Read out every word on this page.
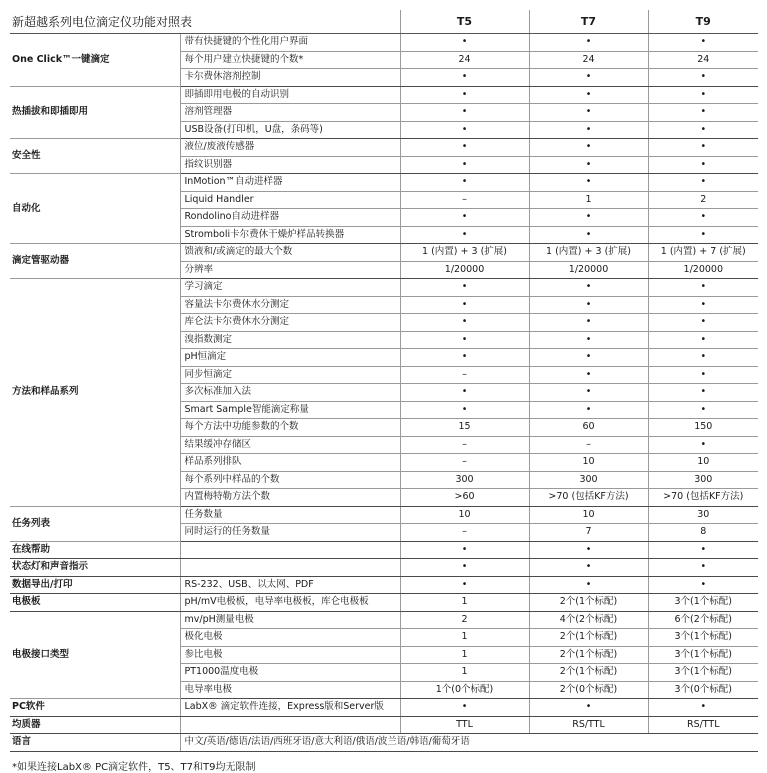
新超越系列电位滴定仪功能对照表		T5	T7	T9
One Click™一键滴定	带有快捷键的个性化用户界面	•	•	•
	每个用户建立快捷键的个数*	24	24	24
	卡尔费休溶剂控制	•	•	•
热插拔和即插即用	即插即用电极的自动识别	•	•	•
	溶剂管理器	•	•	•
	USB设备(打印机，U盘，条码等)	•	•	•
安全性	液位/废液传感器	•	•	•
	指纹识别器	•	•	•
自动化	InMotion™自动进样器	•	•	•
	Liquid Handler	–	1	2
	Rondolino自动进样器	•	•	•
	Stromboli卡尔费休干燥炉样品转换器	•	•	•
滴定管驱动器	馈液和/或滴定的最大个数	1 (内置) + 3 (扩展)	1 (内置) + 3 (扩展)	1 (内置) + 7 (扩展)
	分辨率	1/20000	1/20000	1/20000
方法和样品系列	学习滴定	•	•	•
	容量法卡尔费休水分测定	•	•	•
	库仑法卡尔费休水分测定	•	•	•
	溴指数测定	•	•	•
	pH恒滴定	•	•	•
	同步恒滴定	–	•	•
	多次标准加入法	•	•	•
	Smart Sample智能滴定称量	•	•	•
	每个方法中功能参数的个数	15	60	150
	结果缓冲存储区	–	–	•
	样品系列排队	–	10	10
	每个系列中样品的个数	300	300	300
	内置梅特勒方法个数	>60	>70 (包括KF方法)	>70 (包括KF方法)
任务列表	任务数量	10	10	30
	同时运行的任务数量	–	7	8
在线帮助		•	•	•
状态灯和声音指示		•	•	•
数据导出/打印	RS-232、USB、以太网、PDF	•	•	•
电极板	pH/mV电极板，电导率电极板，库仑电极板	1	2个(1个标配)	3个(1个标配)
电极接口类型	mv/pH测量电极	2	4个(2个标配)	6个(2个标配)
	极化电极	1	2个(1个标配)	3个(1个标配)
	参比电极	1	2个(1个标配)	3个(1个标配)
	PT1000温度电极	1	2个(1个标配)	3个(1个标配)
	电导率电极	1个(0个标配)	2个(0个标配)	3个(0个标配)
PC软件	LabX® 滴定软件连接，Express版和Server版	•	•	•
均质器		TTL	RS/TTL	RS/TTL
语言	中文/英语/德语/法语/西班牙语/意大利语/俄语/波兰语/韩语/葡萄牙语			
*如果连接LabX® PC滴定软件，T5、T7和T9均无限制
